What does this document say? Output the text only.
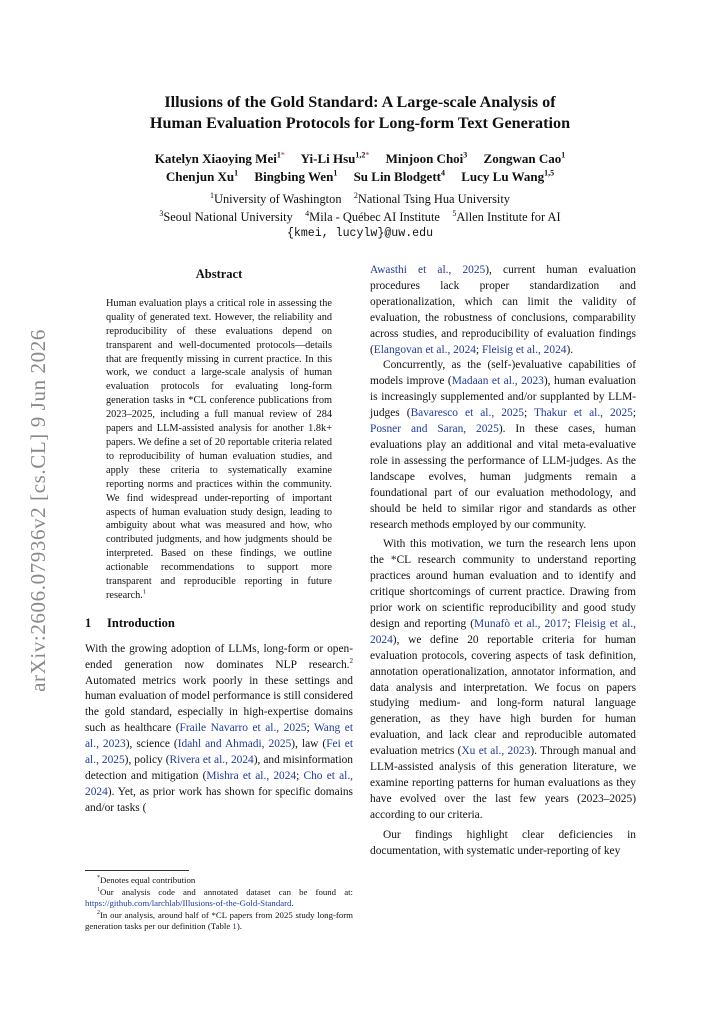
arXiv:2606.07936v2 [cs.CL] 9 Jun 2026
Illusions of the Gold Standard: A Large-scale Analysis of
Human Evaluation Protocols for Long-form Text Generation
Katelyn Xiaoying Mei$^{1*}$ Yi-Li Hsu$^{1,2*}$ Minjoon Choi$^3$ Zongwan Cao$^1$
Chenjun Xu$^1$ Bingbing Wen$^1$ Su Lin Blodgett$^4$ Lucy Lu Wang$^{1,5}$
$^1$University of Washington $^2$National Tsing Hua University
$^3$Seoul National University $^4$Mila - Québec AI Institute $^5$Allen Institute for AI
{kmei, lucylw}@uw.edu
Abstract
Human evaluation plays a critical role in assessing the quality of generated text. However, the reliability and reproducibility of these evaluations depend on transparent and well-documented protocols—details that are frequently missing in current practice. In this work, we conduct a large-scale analysis of human evaluation protocols for evaluating long-form generation tasks in *CL conference publications from 2023–2025, including a full manual review of 284 papers and LLM-assisted analysis for another 1.8k+ papers. We define a set of 20 reportable criteria related to reproducibility of human evaluation studies, and apply these criteria to systematically examine reporting norms and practices within the community. We find widespread under-reporting of important aspects of human evaluation study design, leading to ambiguity about what was measured and how, who contributed judgments, and how judgments should be interpreted. Based on these findings, we outline actionable recommendations to support more transparent and reproducible reporting in future research.$^1$
1 Introduction

With the growing adoption of LLMs, long-form or open-ended generation now dominates NLP research.$^2$ Automated metrics work poorly in these settings and human evaluation of model performance is still considered the gold standard, especially in high-expertise domains such as healthcare (Fraile Navarro et al., 2025; Wang et al., 2023), science (Idahl and Ahmadi, 2025), law (Fei et al., 2025), policy (Rivera et al., 2024), and misinformation detection and mitigation (Mishra et al., 2024; Cho et al., 2024). Yet, as prior work has shown for specific domains and/or tasks (

*Denotes equal contribution

$^1$Our analysis code and annotated dataset can be found at: https://github.com/larchlab/Illusions-of-the-Gold-Standard.

$^2$In our analysis, around half of *CL papers from 2025 study long-form generation tasks per our definition (Table 1).

Awasthi et al., 2025), current human evaluation procedures lack proper standardization and operationalization, which can limit the validity of evaluation, the robustness of conclusions, comparability across studies, and reproducibility of evaluation findings (Elangovan et al., 2024; Fleisig et al., 2024).

Concurrently, as the (self-)evaluative capabilities of models improve (Madaan et al., 2023), human evaluation is increasingly supplemented and/or supplanted by LLM-judges (Bavaresco et al., 2025; Thakur et al., 2025; Posner and Saran, 2025). In these cases, human evaluations play an additional and vital meta-evaluative role in assessing the performance of LLM-judges. As the landscape evolves, human judgments remain a foundational part of our evaluation methodology, and should be held to similar rigor and standards as other research methods employed by our community.

With this motivation, we turn the research lens upon the *CL research community to understand reporting practices around human evaluation and to identify and critique shortcomings of current practice. Drawing from prior work on scientific reproducibility and good study design and reporting (Munafò et al., 2017; Fleisig et al., 2024), we define 20 reportable criteria for human evaluation protocols, covering aspects of task definition, annotation operationalization, annotator information, and data analysis and interpretation. We focus on papers studying medium- and long-form natural language generation, as they have high burden for human evaluation, and lack clear and reproducible automated evaluation metrics (Xu et al., 2023). Through manual and LLM-assisted analysis of this generation literature, we examine reporting patterns for human evaluations as they have evolved over the last few years (2023–2025) according to our criteria.

Our findings highlight clear deficiencies in documentation, with systematic under-reporting of key
